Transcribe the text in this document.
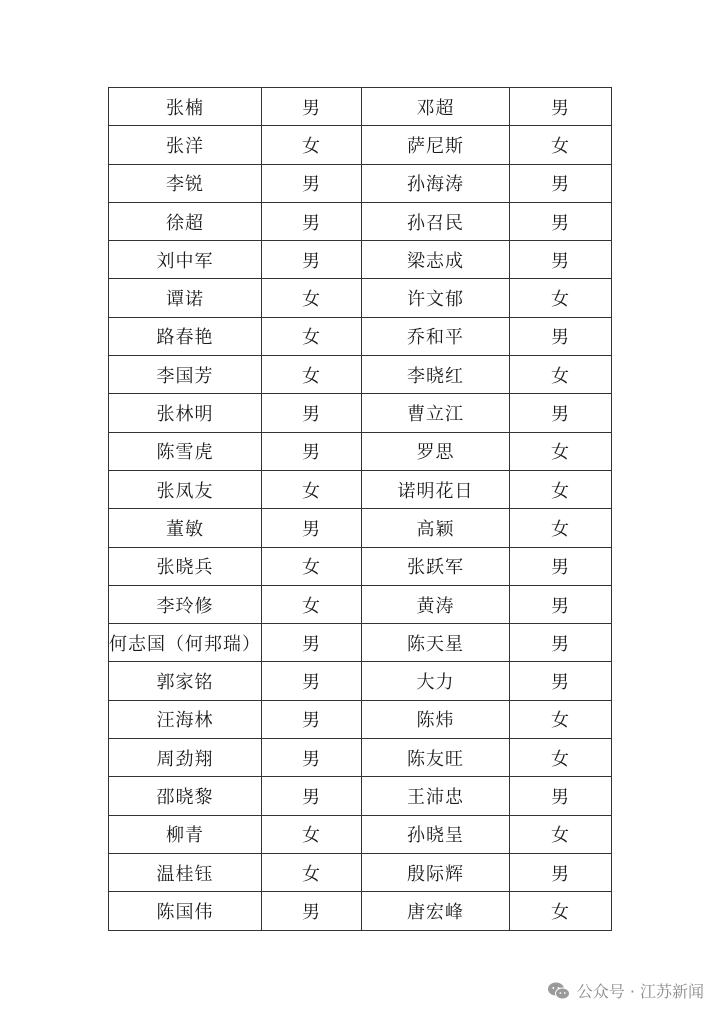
张楠	男	邓超	男
张洋	女	萨尼斯	女
李锐	男	孙海涛	男
徐超	男	孙召民	男
刘中军	男	梁志成	男
谭诺	女	许文郁	女
路春艳	女	乔和平	男
李国芳	女	李晓红	女
张林明	男	曹立江	男
陈雪虎	男	罗思	女
张凤友	女	诺明花日	女
董敏	男	高颖	女
张晓兵	女	张跃军	男
李玲修	女	黄涛	男
何志国（何邦瑞）	男	陈天星	男
郭家铭	男	大力	男
汪海林	男	陈炜	女
周劲翔	男	陈友旺	女
邵晓黎	男	王沛忠	男
柳青	女	孙晓呈	女
温桂钰	女	殷际辉	男
陈国伟	男	唐宏峰	女
公众号 · 江苏新闻
